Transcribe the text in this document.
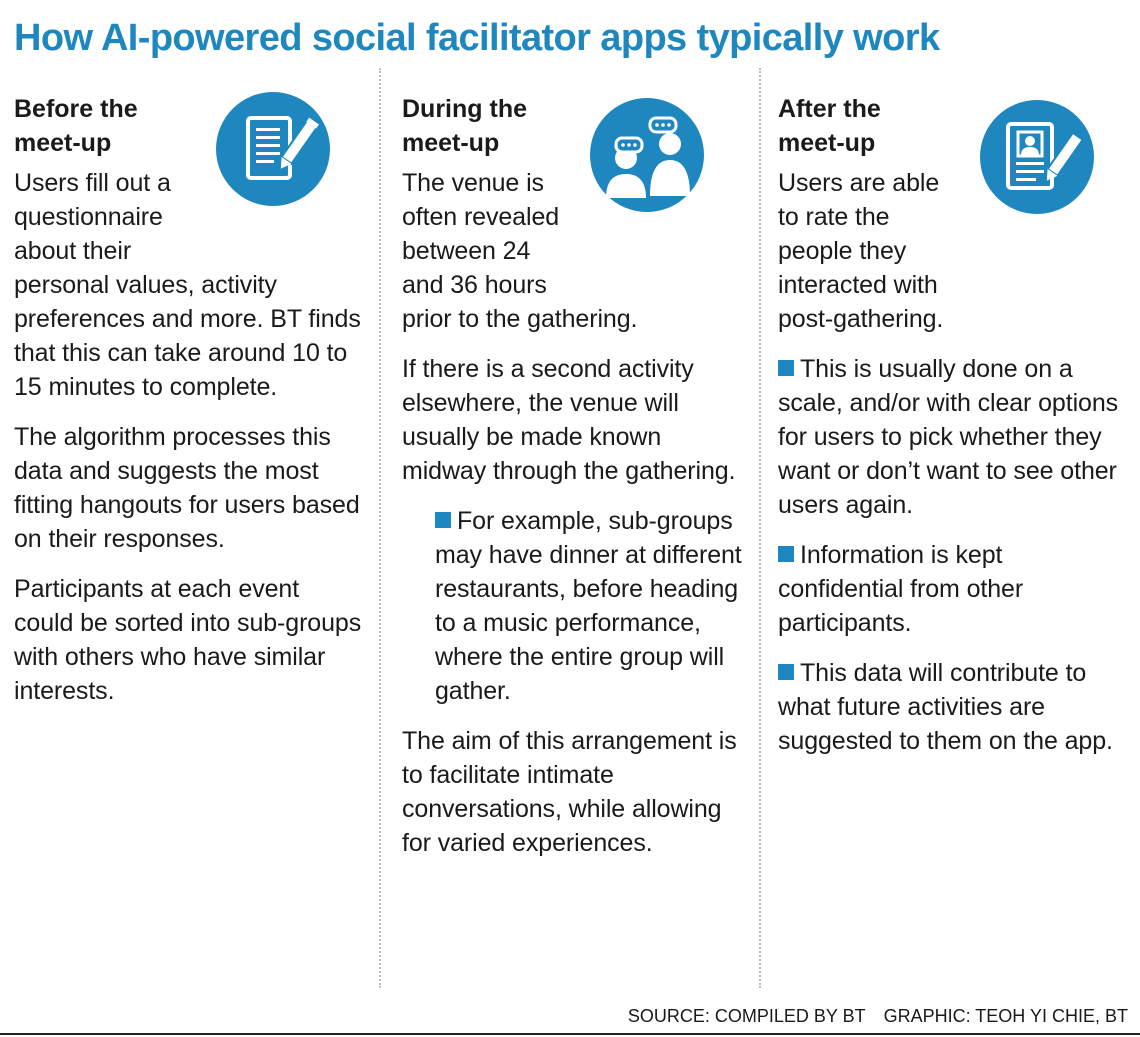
How AI-powered social facilitator apps typically work
Before the
meet-up
Users fill out a
questionnaire
about their
personal values, activity preferences and more. BT finds that this can take around 10 to 15 minutes to complete.
The algorithm processes this data and suggests the most fitting hangouts for users based on their responses.
Participants at each event could be sorted into sub-groups with others who have similar interests.
During the
meet-up
The venue is
often revealed
between 24
and 36 hours
prior to the gathering.
If there is a second activity elsewhere, the venue will usually be made known midway through the gathering.
For example, sub-groups may have dinner at different restaurants, before heading to a music performance, where the entire group will gather.
The aim of this arrangement is to facilitate intimate conversations, while allowing for varied experiences.
After the
meet-up
Users are able
to rate the
people they
interacted with
post-gathering.
This is usually done on a scale, and/or with clear options for users to pick whether they want or don’t want to see other users again.
Information is kept confidential from other participants.
This data will contribute to what future activities are suggested to them on the app.
SOURCE: COMPILED BY BT GRAPHIC: TEOH YI CHIE, BT
